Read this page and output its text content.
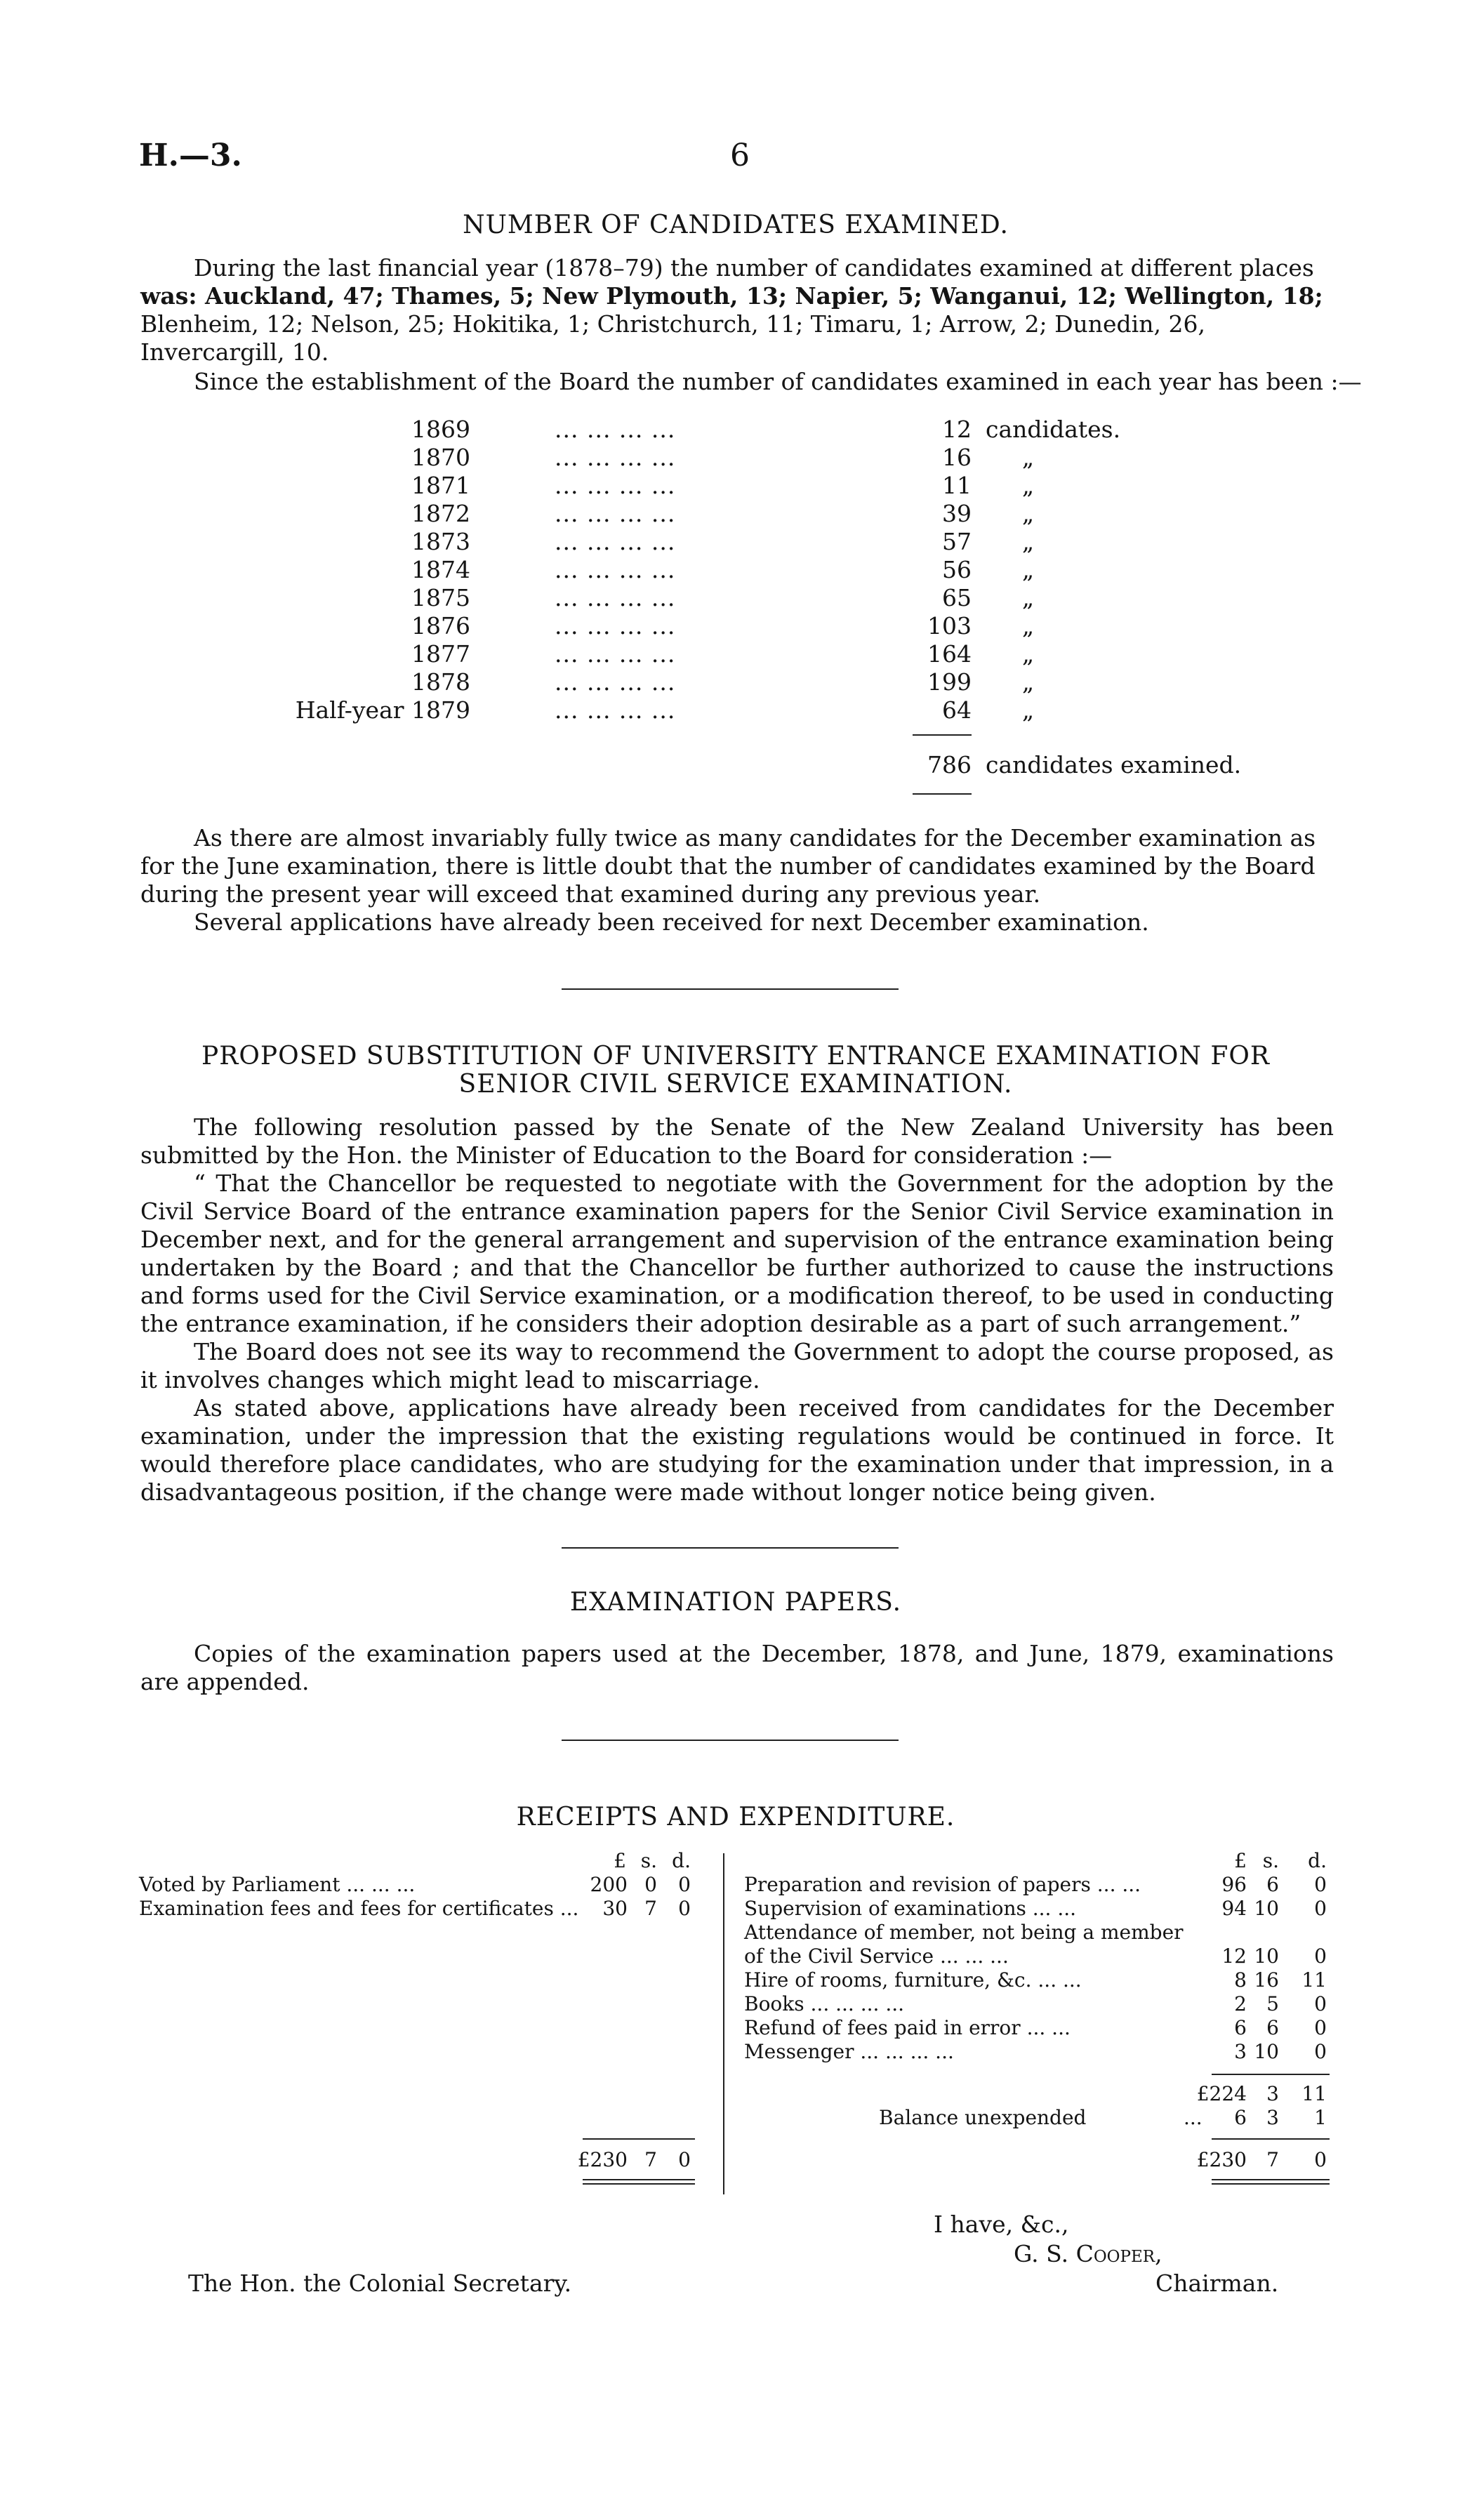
H.—3.	6
NUMBER OF CANDIDATES EXAMINED.
During the last financial year (1878–79) the number of candidates examined at different places
was: Auckland, 47; Thames, 5; New Plymouth, 13; Napier, 5; Wanganui, 12; Wellington, 18;
Blenheim, 12; Nelson, 25; Hokitika, 1; Christchurch, 11; Timaru, 1; Arrow, 2; Dunedin, 26,
Invercargill, 10.
Since the establishment of the Board the number of candidates examined in each year has been :—
1869	... ... ... ...	12 candidates.
1870	... ... ... ...	16 „
1871	... ... ... ...	11 „
1872	... ... ... ...	39 „
1873	... ... ... ...	57 „
1874	... ... ... ...	56 „
1875	... ... ... ...	65 „
1876	... ... ... ...	103 „
1877	... ... ... ...	164 „
1878	... ... ... ...	199 „
Half-year 1879	... ... ... ...	64 „
786 candidates examined.
As there are almost invariably fully twice as many candidates for the December examination as
for the June examination, there is little doubt that the number of candidates examined by the Board
during the present year will exceed that examined during any previous year.
Several applications have already been received for next December examination.
PROPOSED SUBSTITUTION OF UNIVERSITY ENTRANCE EXAMINATION FOR
SENIOR CIVIL SERVICE EXAMINATION.
The following resolution passed by the Senate of the New Zealand University has been submitted by the Hon. the Minister of Education to the Board for consideration :—
“ That the Chancellor be requested to negotiate with the Government for the adoption by the Civil Service Board of the entrance examination papers for the Senior Civil Service examination in December next, and for the general arrangement and supervision of the entrance examination being undertaken by the Board ; and that the Chancellor be further authorized to cause the instructions and forms used for the Civil Service examination, or a modification thereof, to be used in conducting the entrance examination, if he considers their adoption desirable as a part of such arrangement.”
The Board does not see its way to recommend the Government to adopt the course proposed, as it involves changes which might lead to miscarriage.
As stated above, applications have already been received from candidates for the December examination, under the impression that the existing regulations would be continued in force. It would therefore place candidates, who are studying for the examination under that impression, in a disadvantageous position, if the change were made without longer notice being given.
EXAMINATION PAPERS.
Copies of the examination papers used at the December, 1878, and June, 1879, examinations are appended.
RECEIPTS AND EXPENDITURE.
£ s. d.
Voted by Parliament ... ... ...	200 0	0
Examination fees and fees for certificates ...	30 7	0
£230 7	0
£ s.	d.
Preparation and revision of papers ... ...	96	6	0
Supervision of examinations ... ...	94 10	0
Attendance of member, not being a member
of the Civil Service ... ... ...	12 10	0
Hire of rooms, furniture, &c. ... ...	8 16	11
Books ... ... ... ...	2	5	0
Refund of fees paid in error ... ...	6	6	0
Messenger ... ... ... ...	3 10	0
£224	3	11
Balance unexpended	...	6	3	1
£230	7	0
I have, &c.,
G. S. Cooper,
Chairman.
The Hon. the Colonial Secretary.
